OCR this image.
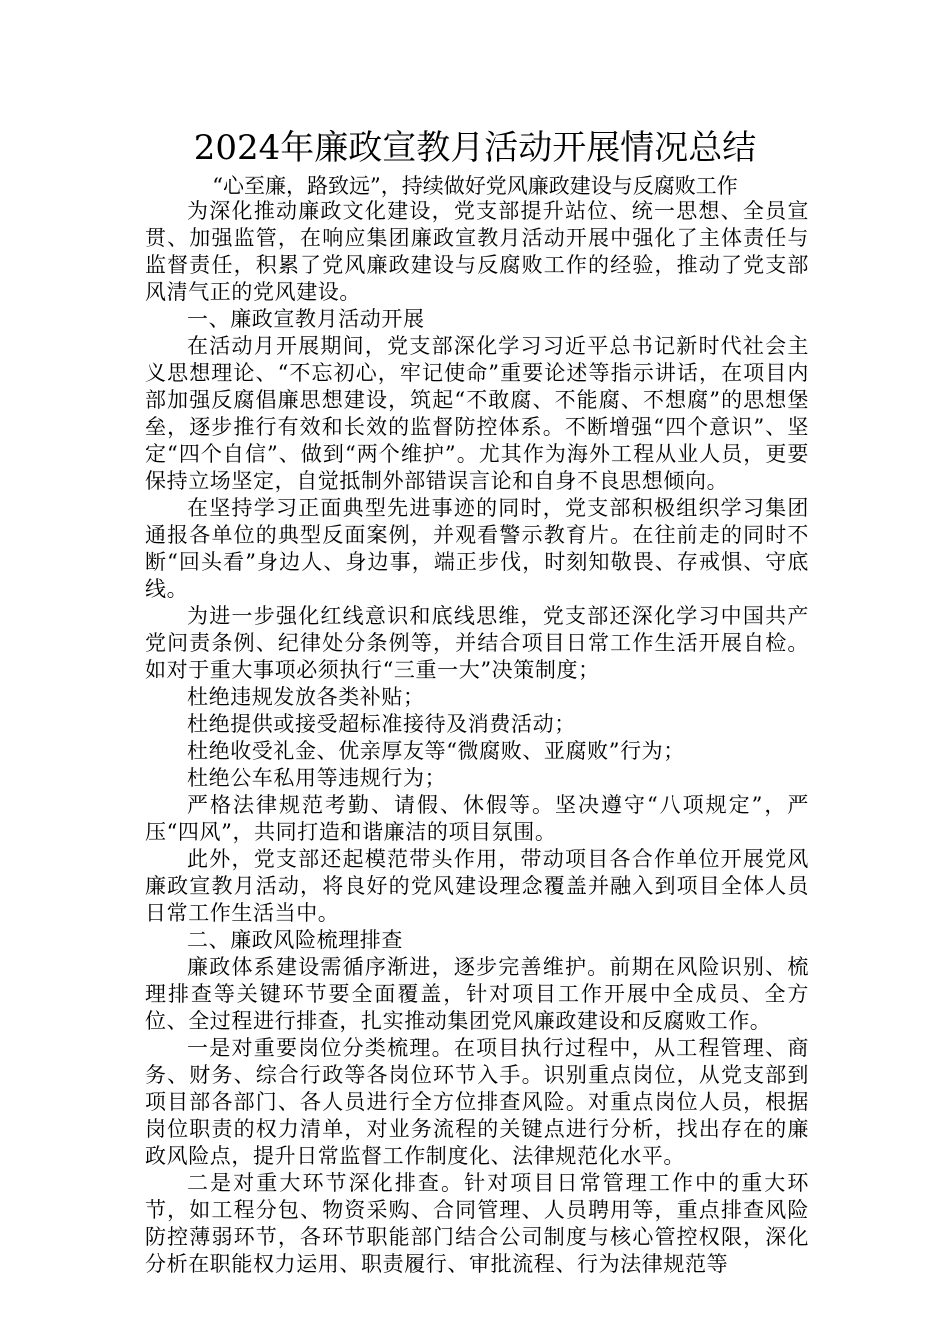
2024年廉政宣教月活动开展情况总结

“心至廉，路致远”，持续做好党风廉政建设与反腐败工作

为深化推动廉政文化建设，党支部提升站位、统一思想、全员宣贯、加强监管，在响应集团廉政宣教月活动开展中强化了主体责任与监督责任，积累了党风廉政建设与反腐败工作的经验，推动了党支部风清气正的党风建设。

一、廉政宣教月活动开展

在活动月开展期间，党支部深化学习习近平总书记新时代社会主义思想理论、“不忘初心，牢记使命”重要论述等指示讲话，在项目内部加强反腐倡廉思想建设，筑起“不敢腐、不能腐、不想腐”的思想堡垒，逐步推行有效和长效的监督防控体系。不断增强“四个意识”、坚定“四个自信”、做到“两个维护”。尤其作为海外工程从业人员，更要保持立场坚定，自觉抵制外部错误言论和自身不良思想倾向。

在坚持学习正面典型先进事迹的同时，党支部积极组织学习集团通报各单位的典型反面案例，并观看警示教育片。在往前走的同时不断“回头看”身边人、身边事，端正步伐，时刻知敬畏、存戒惧、守底线。

为进一步强化红线意识和底线思维，党支部还深化学习中国共产党问责条例、纪律处分条例等，并结合项目日常工作生活开展自检。如对于重大事项必须执行“三重一大”决策制度；

杜绝违规发放各类补贴；

杜绝提供或接受超标准接待及消费活动；

杜绝收受礼金、优亲厚友等“微腐败、亚腐败”行为；

杜绝公车私用等违规行为；

严格法律规范考勤、请假、休假等。坚决遵守“八项规定”，严压“四风”，共同打造和谐廉洁的项目氛围。

此外，党支部还起模范带头作用，带动项目各合作单位开展党风廉政宣教月活动，将良好的党风建设理念覆盖并融入到项目全体人员日常工作生活当中。

二、廉政风险梳理排查

廉政体系建设需循序渐进，逐步完善维护。前期在风险识别、梳理排查等关键环节要全面覆盖，针对项目工作开展中全成员、全方位、全过程进行排查，扎实推动集团党风廉政建设和反腐败工作。

一是对重要岗位分类梳理。在项目执行过程中，从工程管理、商务、财务、综合行政等各岗位环节入手。识别重点岗位，从党支部到项目部各部门、各人员进行全方位排查风险。对重点岗位人员，根据岗位职责的权力清单，对业务流程的关键点进行分析，找出存在的廉政风险点，提升日常监督工作制度化、法律规范化水平。

二是对重大环节深化排查。针对项目日常管理工作中的重大环节，如工程分包、物资采购、合同管理、人员聘用等，重点排查风险防控薄弱环节，各环节职能部门结合公司制度与核心管控权限，深化分析在职能权力运用、职责履行、审批流程、行为法律规范等
